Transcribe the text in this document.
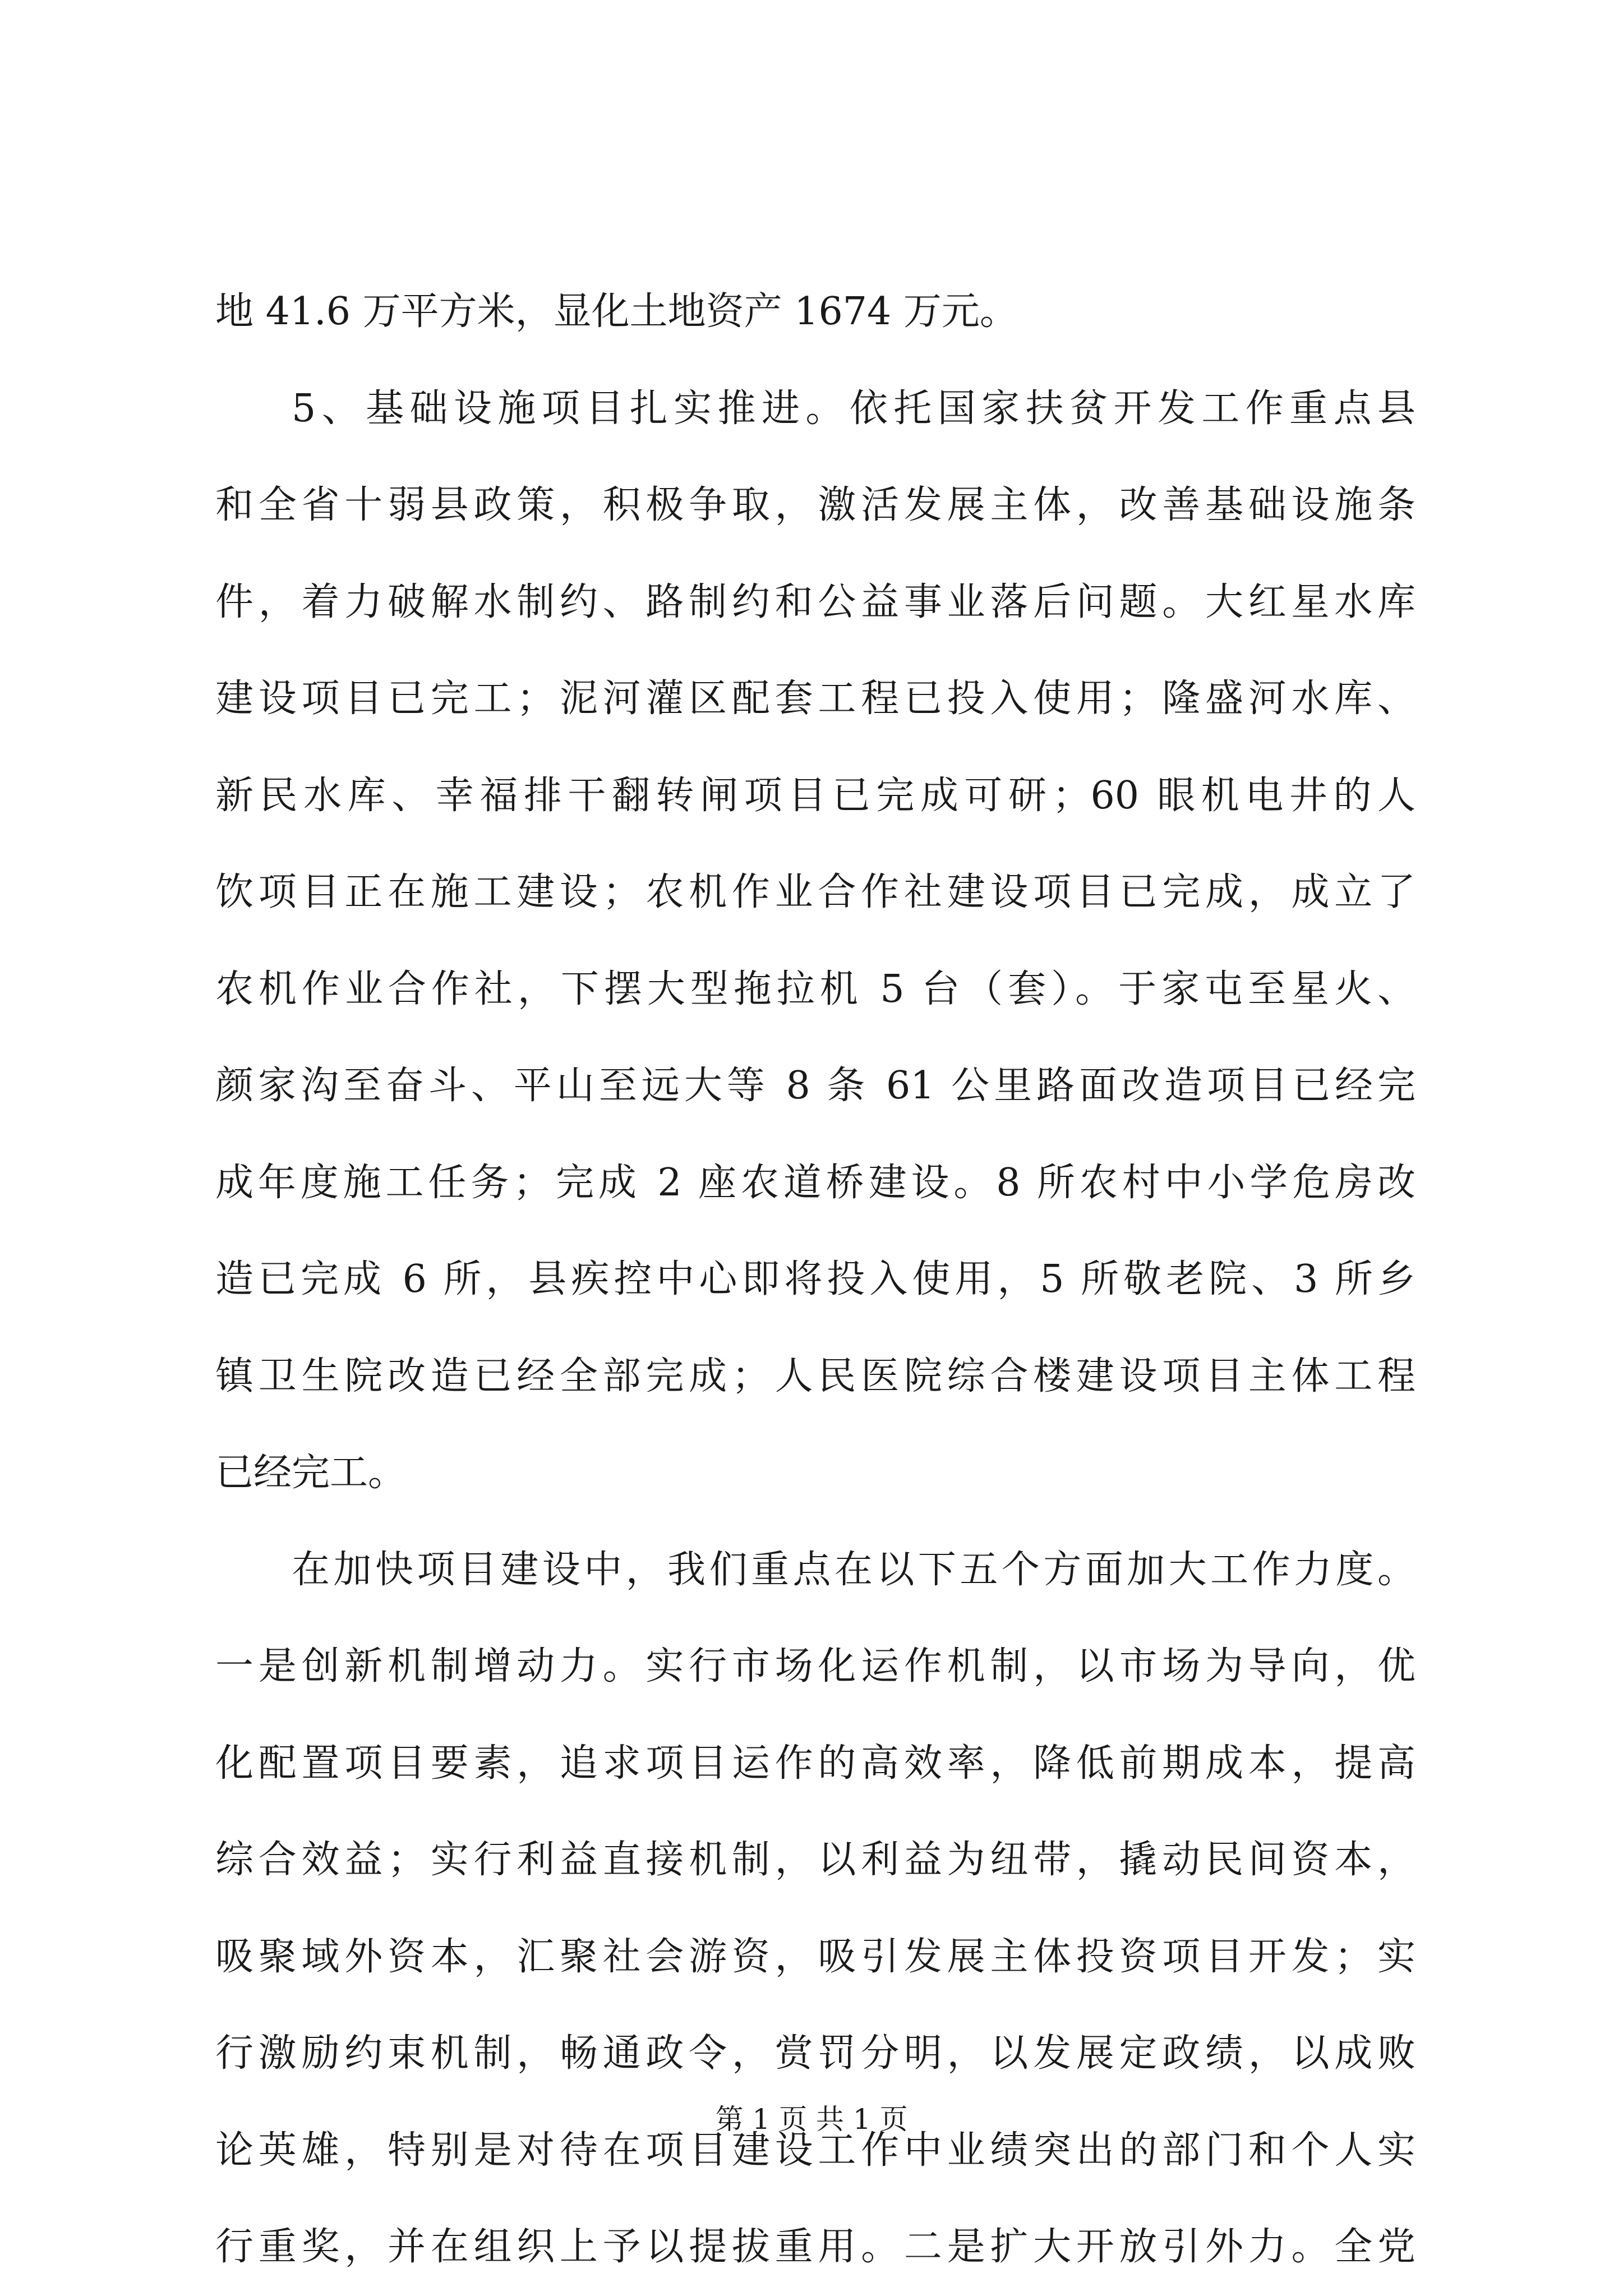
地 41.6 万平方米，显化土地资产 1674 万元。
5、基础设施项目扎实推进。依托国家扶贫开发工作重点县
和全省十弱县政策，积极争取，激活发展主体，改善基础设施条
件，着力破解水制约、路制约和公益事业落后问题。大红星水库
建设项目已完工；泥河灌区配套工程已投入使用；隆盛河水库、
新民水库、幸福排干翻转闸项目已完成可研；60 眼机电井的人
饮项目正在施工建设；农机作业合作社建设项目已完成，成立了
农机作业合作社，下摆大型拖拉机 5 台（套）。于家屯至星火、
颜家沟至奋斗、平山至远大等 8 条 61 公里路面改造项目已经完
成年度施工任务；完成 2 座农道桥建设。8 所农村中小学危房改
造已完成 6 所，县疾控中心即将投入使用，5 所敬老院、3 所乡
镇卫生院改造已经全部完成；人民医院综合楼建设项目主体工程
已经完工。
在加快项目建设中，我们重点在以下五个方面加大工作力度。
一是创新机制增动力。实行市场化运作机制，以市场为导向，优
化配置项目要素，追求项目运作的高效率，降低前期成本，提高
综合效益；实行利益直接机制，以利益为纽带，撬动民间资本，
吸聚域外资本，汇聚社会游资，吸引发展主体投资项目开发；实
行激励约束机制，畅通政令，赏罚分明，以发展定政绩，以成败
论英雄，特别是对待在项目建设工作中业绩突出的部门和个人实
行重奖，并在组织上予以提拔重用。二是扩大开放引外力。全党
第 1 页 共 1 页
